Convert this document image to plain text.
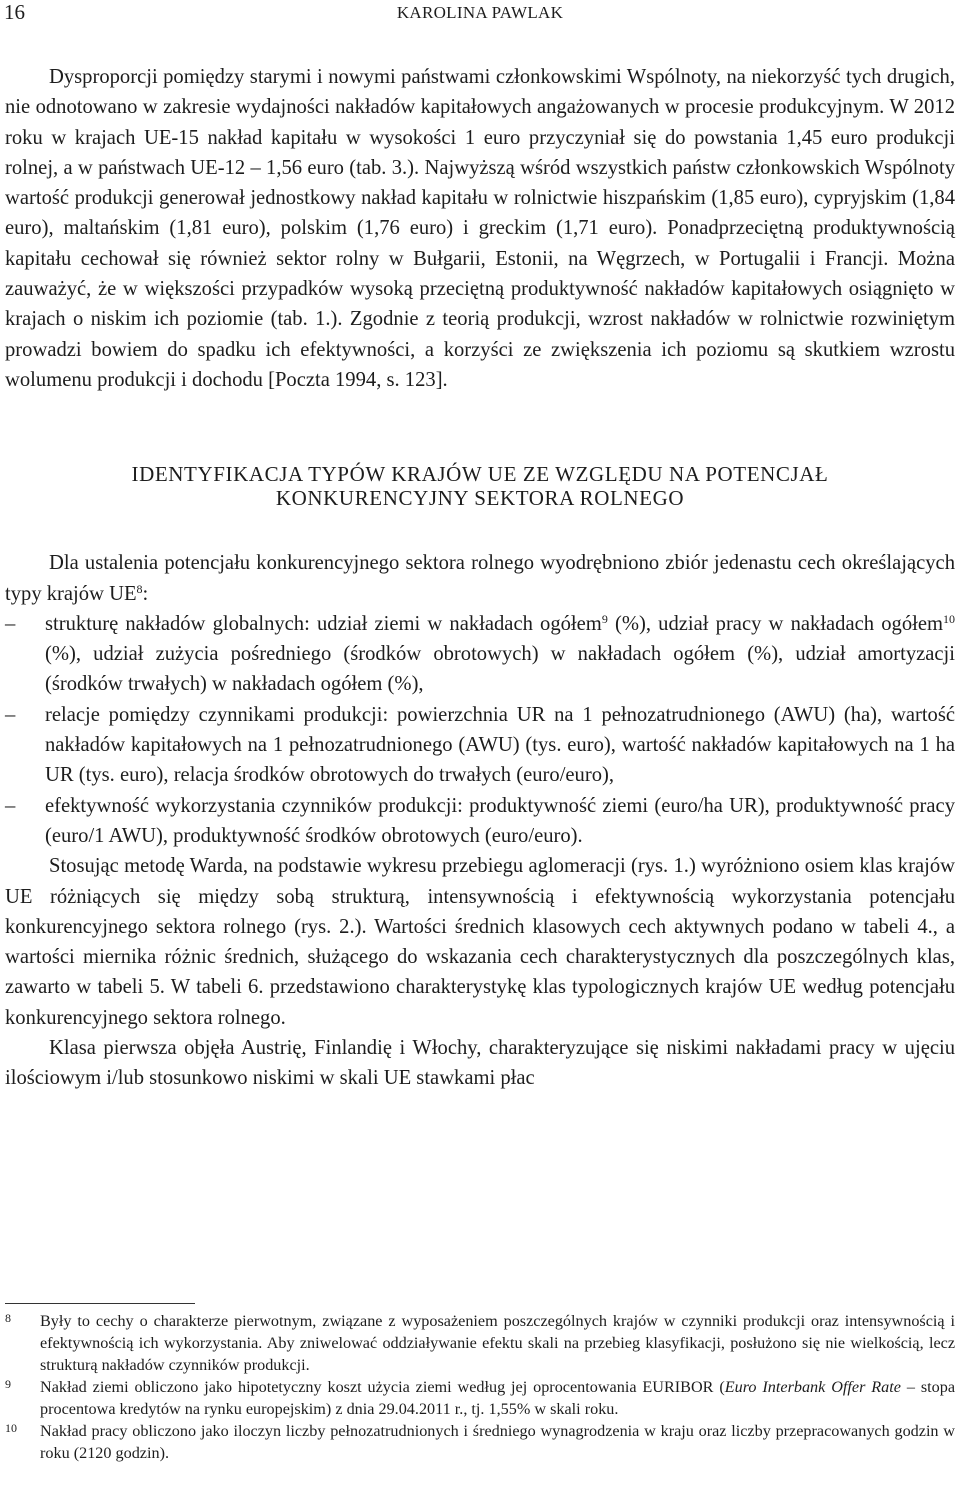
16	KAROLINA PAWLAK

Dysproporcji pomiędzy starymi i nowymi państwami członkowskimi Wspólnoty, na niekorzyść tych drugich, nie odnotowano w zakresie wydajności nakładów kapitałowych angażowanych w procesie produkcyjnym. W 2012 roku w krajach UE-15 nakład kapitału w wysokości 1 euro przyczyniał się do powstania 1,45 euro produkcji rolnej, a w państwach UE-12 – 1,56 euro (tab. 3.). Najwyższą wśród wszystkich państw członkowskich Wspólnoty wartość produkcji generował jednostkowy nakład kapitału w rolnictwie hiszpańskim (1,85 euro), cypryjskim (1,84 euro), maltańskim (1,81 euro), polskim (1,76 euro) i greckim (1,71 euro). Ponadprzeciętną produktywnością kapitału cechował się również sektor rolny w Bułgarii, Estonii, na Węgrzech, w Portugalii i Francji. Można zauważyć, że w większości przypadków wysoką przeciętną produktywność nakładów kapitałowych osiągnięto w krajach o niskim ich poziomie (tab. 1.). Zgodnie z teorią produkcji, wzrost nakładów w rolnictwie rozwiniętym prowadzi bowiem do spadku ich efektywności, a korzyści ze zwiększenia ich poziomu są skutkiem wzrostu wolumenu produkcji i dochodu [Poczta 1994, s. 123].

IDENTYFIKACJA TYPÓW KRAJÓW UE ZE WZGLĘDU NA POTENCJAŁ
KONKURENCYJNY SEKTORA ROLNEGO

Dla ustalenia potencjału konkurencyjnego sektora rolnego wyodrębniono zbiór jedenastu cech określających typy krajów $UE^8$:

– strukturę nakładów globalnych: udział ziemi w nakładach ogółem$^9$ (%), udział pracy w nakładach ogółem$^{10}$ (%), udział zużycia pośredniego (środków obrotowych) w nakładach ogółem (%), udział amortyzacji (środków trwałych) w nakładach ogółem (%),
– relacje pomiędzy czynnikami produkcji: powierzchnia UR na 1 pełnozatrudnionego (AWU) (ha), wartość nakładów kapitałowych na 1 pełnozatrudnionego (AWU) (tys. euro), wartość nakładów kapitałowych na 1 ha UR (tys. euro), relacja środków obrotowych do trwałych (euro/euro),
– efektywność wykorzystania czynników produkcji: produktywność ziemi (euro/ha UR), produktywność pracy (euro/1 AWU), produktywność środków obrotowych (euro/euro).

Stosując metodę Warda, na podstawie wykresu przebiegu aglomeracji (rys. 1.) wyróżniono osiem klas krajów UE różniących się między sobą strukturą, intensywnością i efektywnością wykorzystania potencjału konkurencyjnego sektora rolnego (rys. 2.). Wartości średnich klasowych cech aktywnych podano w tabeli 4., a wartości miernika różnic średnich, służącego do wskazania cech charakterystycznych dla poszczególnych klas, zawarto w tabeli 5. W tabeli 6. przedstawiono charakterystykę klas typologicznych krajów UE według potencjału konkurencyjnego sektora rolnego.

Klasa pierwsza objęła Austrię, Finlandię i Włochy, charakteryzujące się niskimi nakładami pracy w ujęciu ilościowym i/lub stosunkowo niskimi w skali UE stawkami płac

8 Były to cechy o charakterze pierwotnym, związane z wyposażeniem poszczególnych krajów w czynniki produkcji oraz intensywnością i efektywnością ich wykorzystania. Aby zniwelować oddziaływanie efektu skali na przebieg klasyfikacji, posłużono się nie wielkością, lecz strukturą nakładów czynników produkcji.
9 Nakład ziemi obliczono jako hipotetyczny koszt użycia ziemi według jej oprocentowania EURIBOR (Euro Interbank Offer Rate – stopa procentowa kredytów na rynku europejskim) z dnia 29.04.2011 r., tj. 1,55% w skali roku.
10 Nakład pracy obliczono jako iloczyn liczby pełnozatrudnionych i średniego wynagrodzenia w kraju oraz liczby przepracowanych godzin w roku (2120 godzin).
